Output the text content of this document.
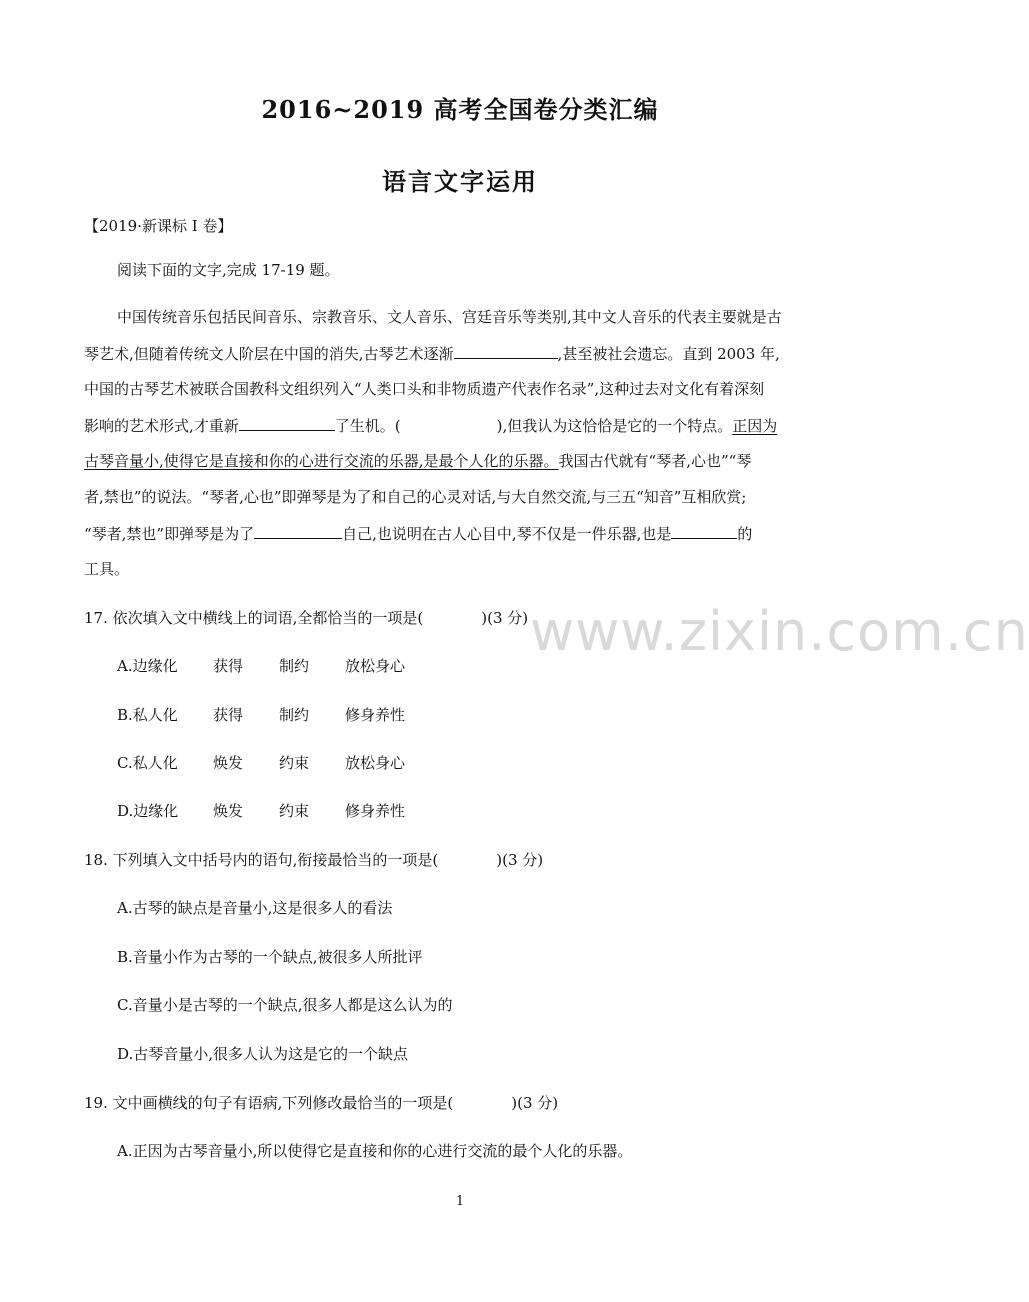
2016~2019 高考全国卷分类汇编
语言文字运用
【2019·新课标 I 卷】
阅读下面的文字,完成 17-19 题。
中国传统音乐包括民间音乐、宗教音乐、文人音乐、宫廷音乐等类别,其中文人音乐的代表主要就是古
琴艺术,但随着传统文人阶层在中国的消失,古琴艺术逐渐	,甚至被社会遗忘。直到 2003 年,
中国的古琴艺术被联合国教科文组织列入“人类口头和非物质遗产代表作名录”,这种过去对文化有着深刻
影响的艺术形式,才重新	了生机。(	),但我认为这恰恰是它的一个特点。正因为
古琴音量小,使得它是直接和你的心进行交流的乐器,是最个人化的乐器。我国古代就有“琴者,心也”“琴
者,禁也”的说法。“琴者,心也”即弹琴是为了和自己的心灵对话,与大自然交流,与三五“知音”互相欣赏;
“琴者,禁也”即弹琴是为了	自己,也说明在古人心目中,琴不仅是一件乐器,也是	的
工具。
17. 依次填入文中横线上的词语,全都恰当的一项是(	)(3 分)
A.边缘化 获得 制约 放松身心
B.私人化 获得 制约 修身养性
C.私人化 焕发 约束 放松身心
D.边缘化 焕发 约束 修身养性
18. 下列填入文中括号内的语句,衔接最恰当的一项是(	)(3 分)
A.古琴的缺点是音量小,这是很多人的看法
B.音量小作为古琴的一个缺点,被很多人所批评
C.音量小是古琴的一个缺点,很多人都是这么认为的
D.古琴音量小,很多人认为这是它的一个缺点
19. 文中画横线的句子有语病,下列修改最恰当的一项是(	)(3 分)
A.正因为古琴音量小,所以使得它是直接和你的心进行交流的最个人化的乐器。
www.zixin.com.cn
1
